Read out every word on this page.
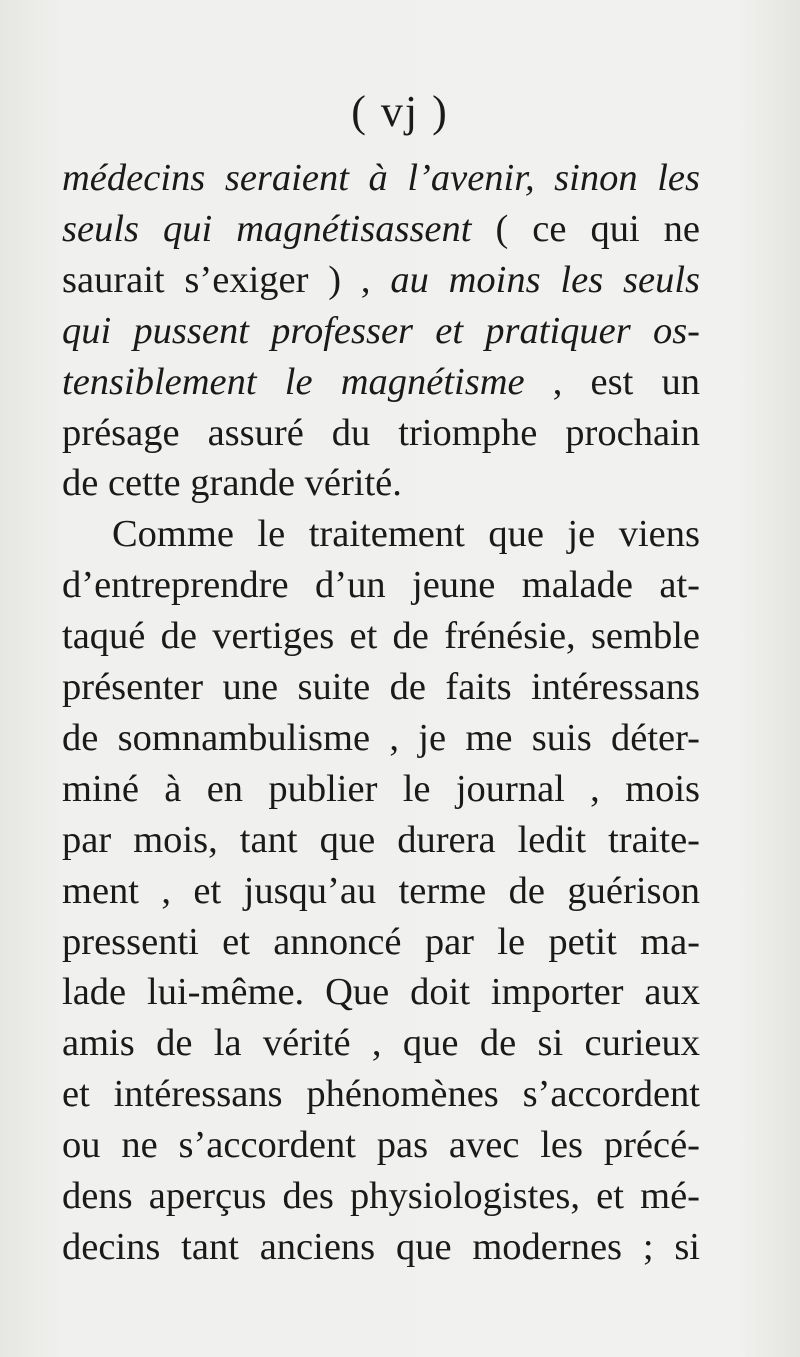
( vj )
médecins seraient à l’avenir, sinon les
seuls qui magnétisassent ( ce qui ne
saurait s’exiger ) , au moins les seuls
qui pussent professer et pratiquer os-
tensiblement le magnétisme , est un
présage assuré du triomphe prochain
de cette grande vérité.
Comme le traitement que je viens
d’entreprendre d’un jeune malade at-
taqué de vertiges et de frénésie, semble
présenter une suite de faits intéressans
de somnambulisme , je me suis déter-
miné à en publier le journal , mois
par mois, tant que durera ledit traite-
ment , et jusqu’au terme de guérison
pressenti et annoncé par le petit ma-
lade lui-même. Que doit importer aux
amis de la vérité , que de si curieux
et intéressans phénomènes s’accordent
ou ne s’accordent pas avec les précé-
dens aperçus des physiologistes, et mé-
decins tant anciens que modernes ; si
